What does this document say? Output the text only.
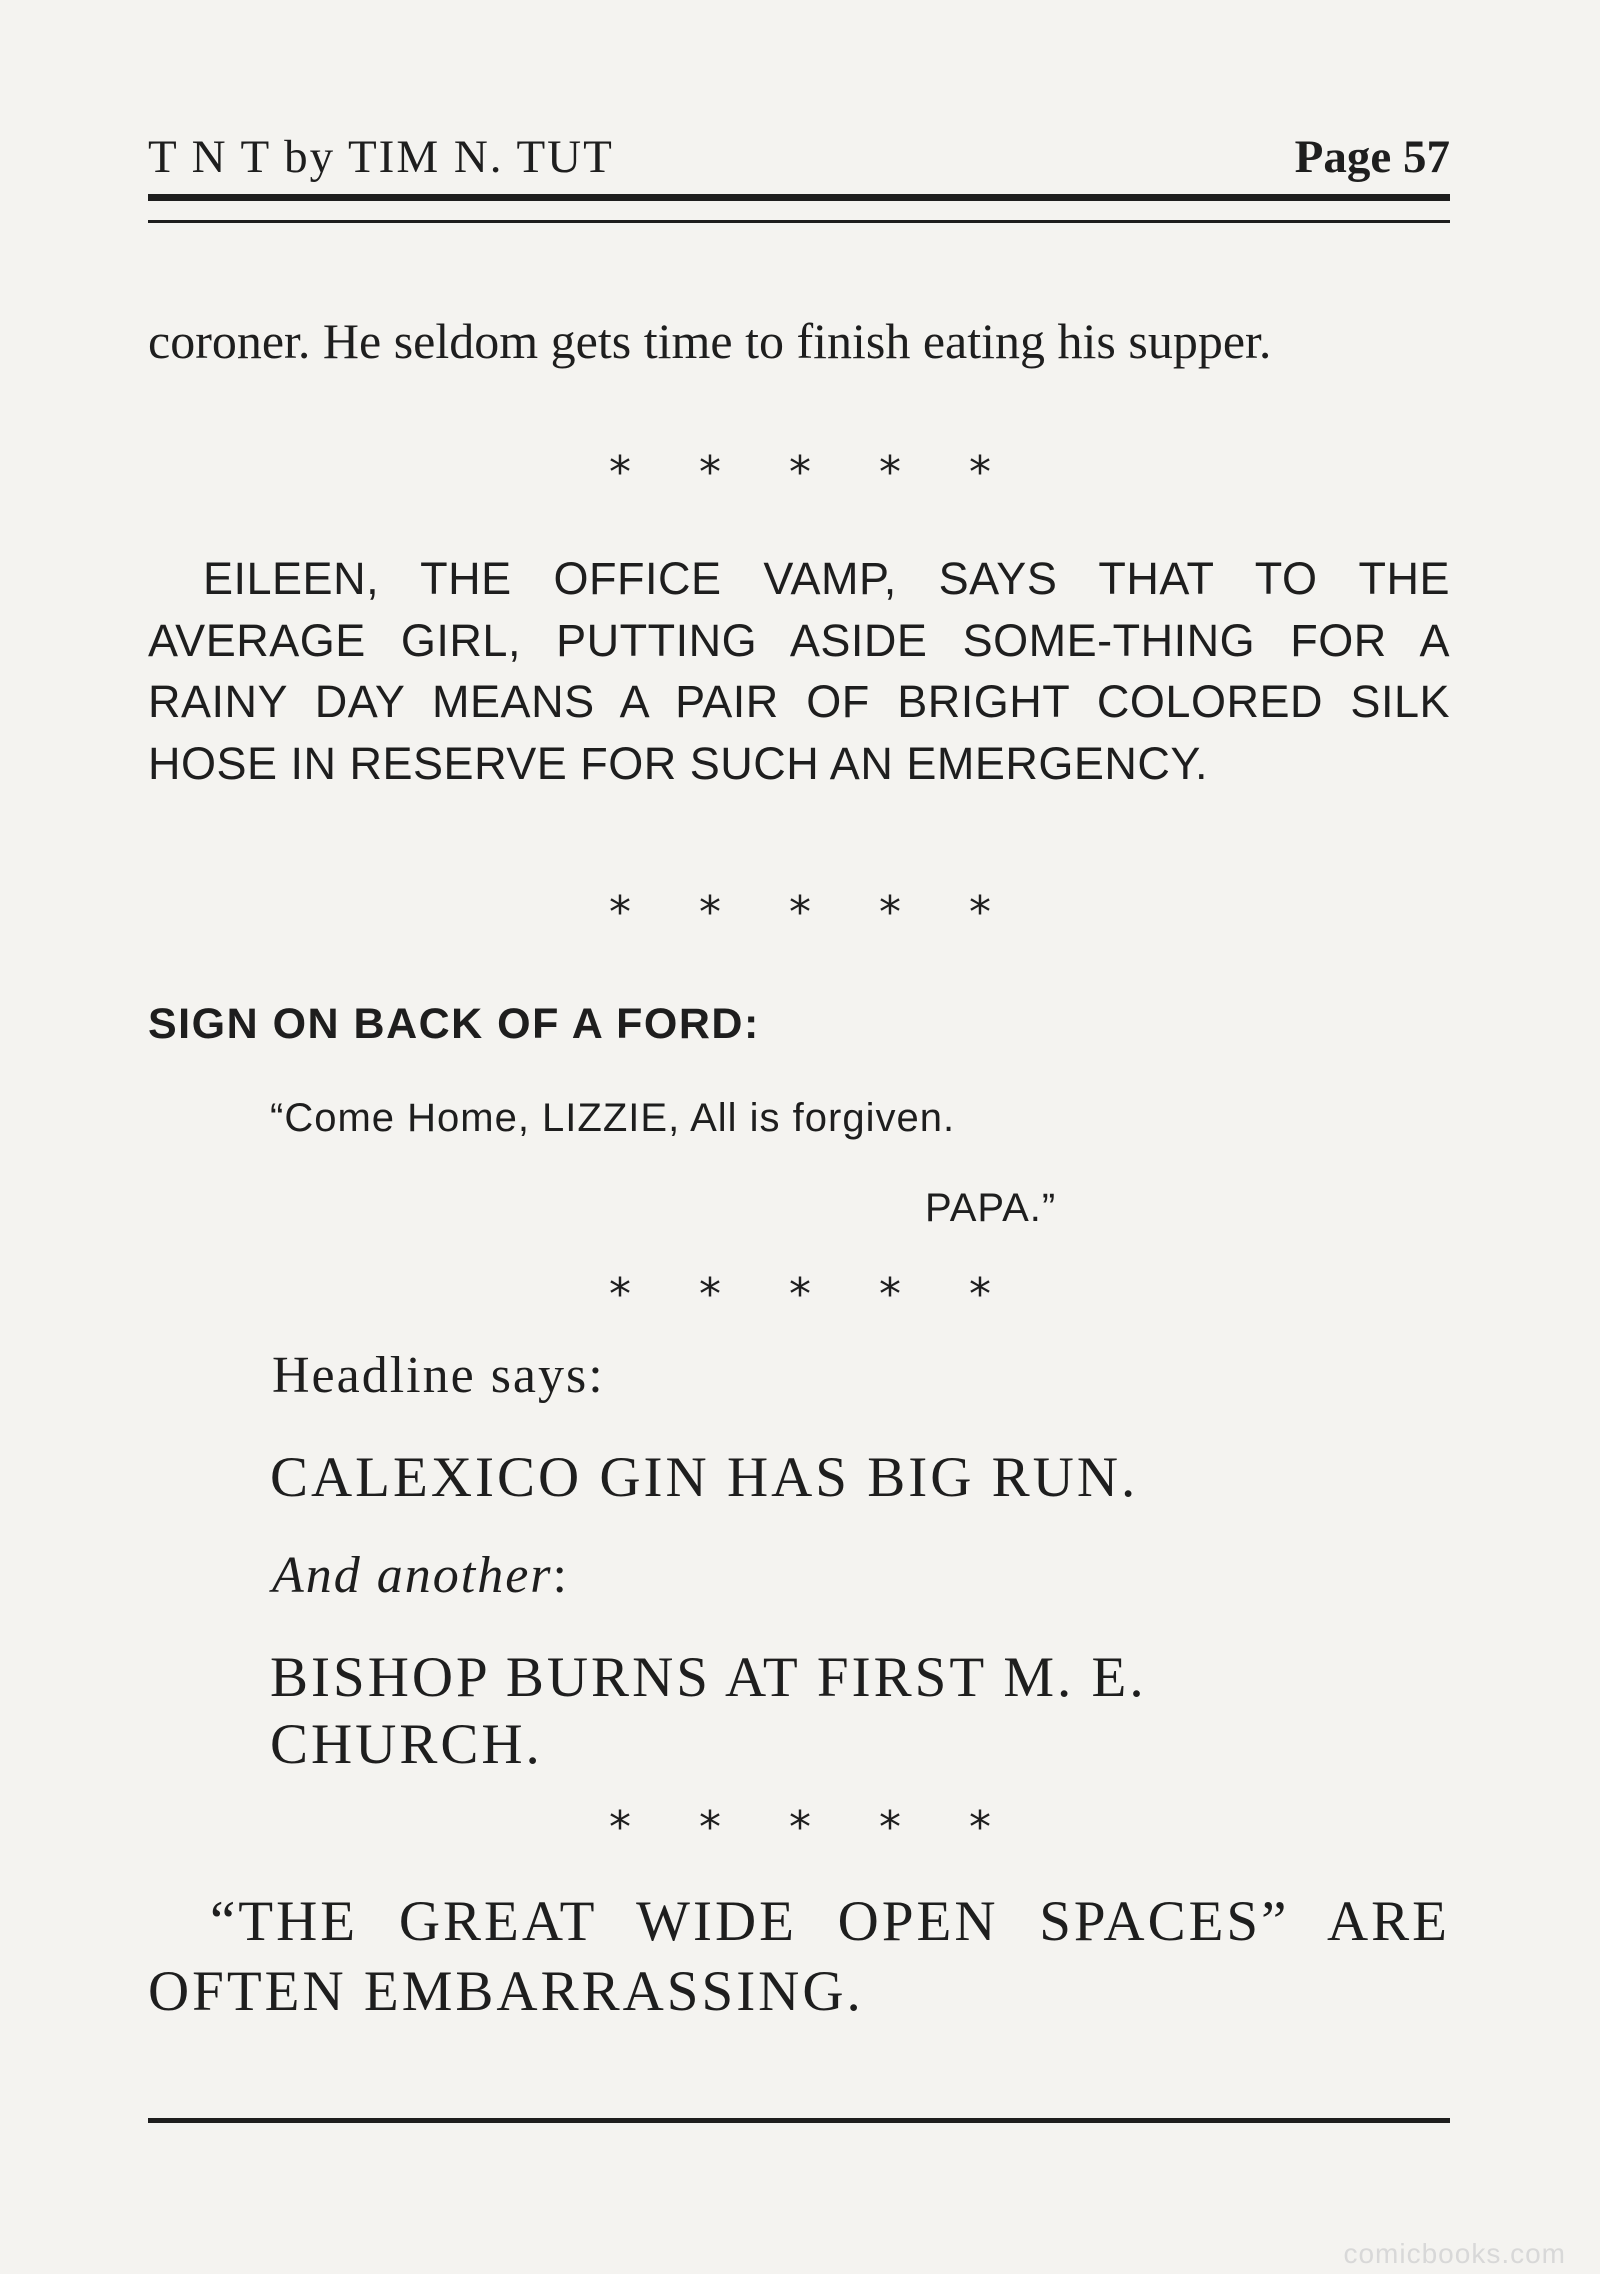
T N T by TIM N. TUT	Page 57
coroner. He seldom gets time to finish eating his supper.
* * * * *
EILEEN, THE OFFICE VAMP, SAYS THAT TO THE AVERAGE GIRL, PUTTING ASIDE SOME-THING FOR A RAINY DAY MEANS A PAIR OF BRIGHT COLORED SILK HOSE IN RESERVE FOR SUCH AN EMERGENCY.
* * * * *
SIGN ON BACK OF A FORD:
“Come Home, LIZZIE, All is forgiven.
PAPA.”
* * * * *
Headline says:
CALEXICO GIN HAS BIG RUN.
And another:
BISHOP BURNS AT FIRST M. E.
CHURCH.
* * * * *
“THE GREAT WIDE OPEN SPACES” ARE OFTEN EMBARRASSING.
comicbooks.com
